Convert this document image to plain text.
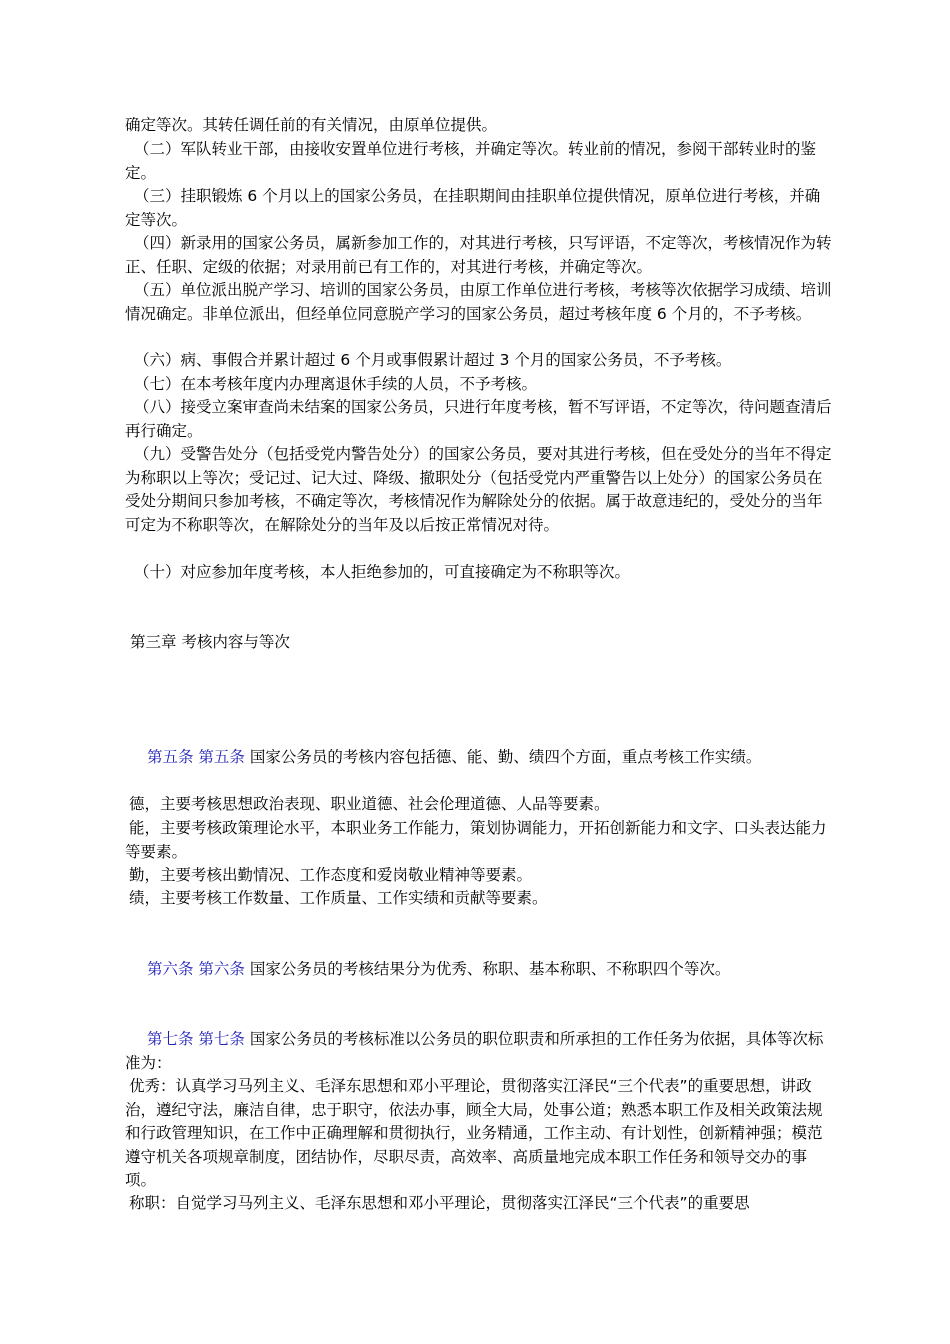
确定等次。其转任调任前的有关情况，由原单位提供。

（二）军队转业干部，由接收安置单位进行考核，并确定等次。转业前的情况，参阅干部转业时的鉴定。

（三）挂职锻炼 6 个月以上的国家公务员，在挂职期间由挂职单位提供情况，原单位进行考核，并确定等次。

（四）新录用的国家公务员，属新参加工作的，对其进行考核，只写评语，不定等次，考核情况作为转正、任职、定级的依据；对录用前已有工作的，对其进行考核，并确定等次。

（五）单位派出脱产学习、培训的国家公务员，由原工作单位进行考核，考核等次依据学习成绩、培训情况确定。非单位派出，但经单位同意脱产学习的国家公务员，超过考核年度 6 个月的，不予考核。

（六）病、事假合并累计超过 6 个月或事假累计超过 3 个月的国家公务员，不予考核。

（七）在本考核年度内办理离退休手续的人员，不予考核。

（八）接受立案审查尚未结案的国家公务员，只进行年度考核，暂不写评语，不定等次，待问题查清后再行确定。

（九）受警告处分（包括受党内警告处分）的国家公务员，要对其进行考核，但在受处分的当年不得定为称职以上等次；受记过、记大过、降级、撤职处分（包括受党内严重警告以上处分）的国家公务员在受处分期间只参加考核，不确定等次，考核情况作为解除处分的依据。属于故意违纪的，受处分的当年可定为不称职等次，在解除处分的当年及以后按正常情况对待。

（十）对应参加年度考核，本人拒绝参加的，可直接确定为不称职等次。

第三章 考核内容与等次

第五条 第五条 国家公务员的考核内容包括德、能、勤、绩四个方面，重点考核工作实绩。

德，主要考核思想政治表现、职业道德、社会伦理道德、人品等要素。

能，主要考核政策理论水平，本职业务工作能力，策划协调能力，开拓创新能力和文字、口头表达能力等要素。

勤，主要考核出勤情况、工作态度和爱岗敬业精神等要素。

绩，主要考核工作数量、工作质量、工作实绩和贡献等要素。

第六条 第六条 国家公务员的考核结果分为优秀、称职、基本称职、不称职四个等次。

第七条 第七条 国家公务员的考核标准以公务员的职位职责和所承担的工作任务为依据，具体等次标准为：

优秀：认真学习马列主义、毛泽东思想和邓小平理论，贯彻落实江泽民“三个代表”的重要思想，讲政治，遵纪守法，廉洁自律，忠于职守，依法办事，顾全大局，处事公道；熟悉本职工作及相关政策法规和行政管理知识，在工作中正确理解和贯彻执行，业务精通，工作主动、有计划性，创新精神强；模范遵守机关各项规章制度，团结协作，尽职尽责，高效率、高质量地完成本职工作任务和领导交办的事项。

称职：自觉学习马列主义、毛泽东思想和邓小平理论，贯彻落实江泽民“三个代表”的重要思
